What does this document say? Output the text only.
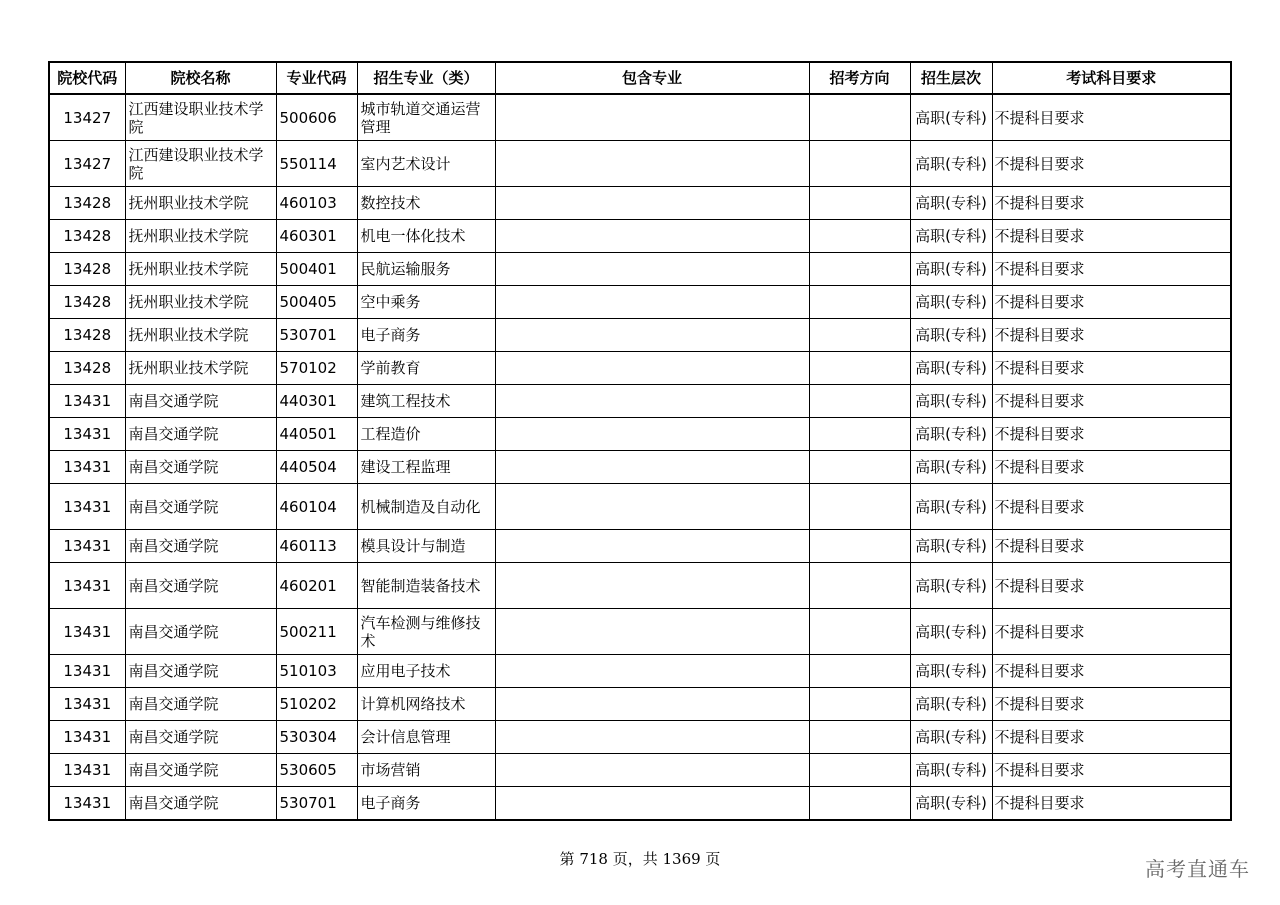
院校代码	院校名称	专业代码	招生专业（类）	包含专业	招考方向	招生层次	考试科目要求
13427	江西建设职业技术学院	500606	城市轨道交通运营管理			高职(专科)	不提科目要求
13427	江西建设职业技术学院	550114	室内艺术设计			高职(专科)	不提科目要求
13428	抚州职业技术学院	460103	数控技术			高职(专科)	不提科目要求
13428	抚州职业技术学院	460301	机电一体化技术			高职(专科)	不提科目要求
13428	抚州职业技术学院	500401	民航运输服务			高职(专科)	不提科目要求
13428	抚州职业技术学院	500405	空中乘务			高职(专科)	不提科目要求
13428	抚州职业技术学院	530701	电子商务			高职(专科)	不提科目要求
13428	抚州职业技术学院	570102	学前教育			高职(专科)	不提科目要求
13431	南昌交通学院	440301	建筑工程技术			高职(专科)	不提科目要求
13431	南昌交通学院	440501	工程造价			高职(专科)	不提科目要求
13431	南昌交通学院	440504	建设工程监理			高职(专科)	不提科目要求
13431	南昌交通学院	460104	机械制造及自动化			高职(专科)	不提科目要求
13431	南昌交通学院	460113	模具设计与制造			高职(专科)	不提科目要求
13431	南昌交通学院	460201	智能制造装备技术			高职(专科)	不提科目要求
13431	南昌交通学院	500211	汽车检测与维修技术			高职(专科)	不提科目要求
13431	南昌交通学院	510103	应用电子技术			高职(专科)	不提科目要求
13431	南昌交通学院	510202	计算机网络技术			高职(专科)	不提科目要求
13431	南昌交通学院	530304	会计信息管理			高职(专科)	不提科目要求
13431	南昌交通学院	530605	市场营销			高职(专科)	不提科目要求
13431	南昌交通学院	530701	电子商务			高职(专科)	不提科目要求
第 718 页，共 1369 页	高考直通车
